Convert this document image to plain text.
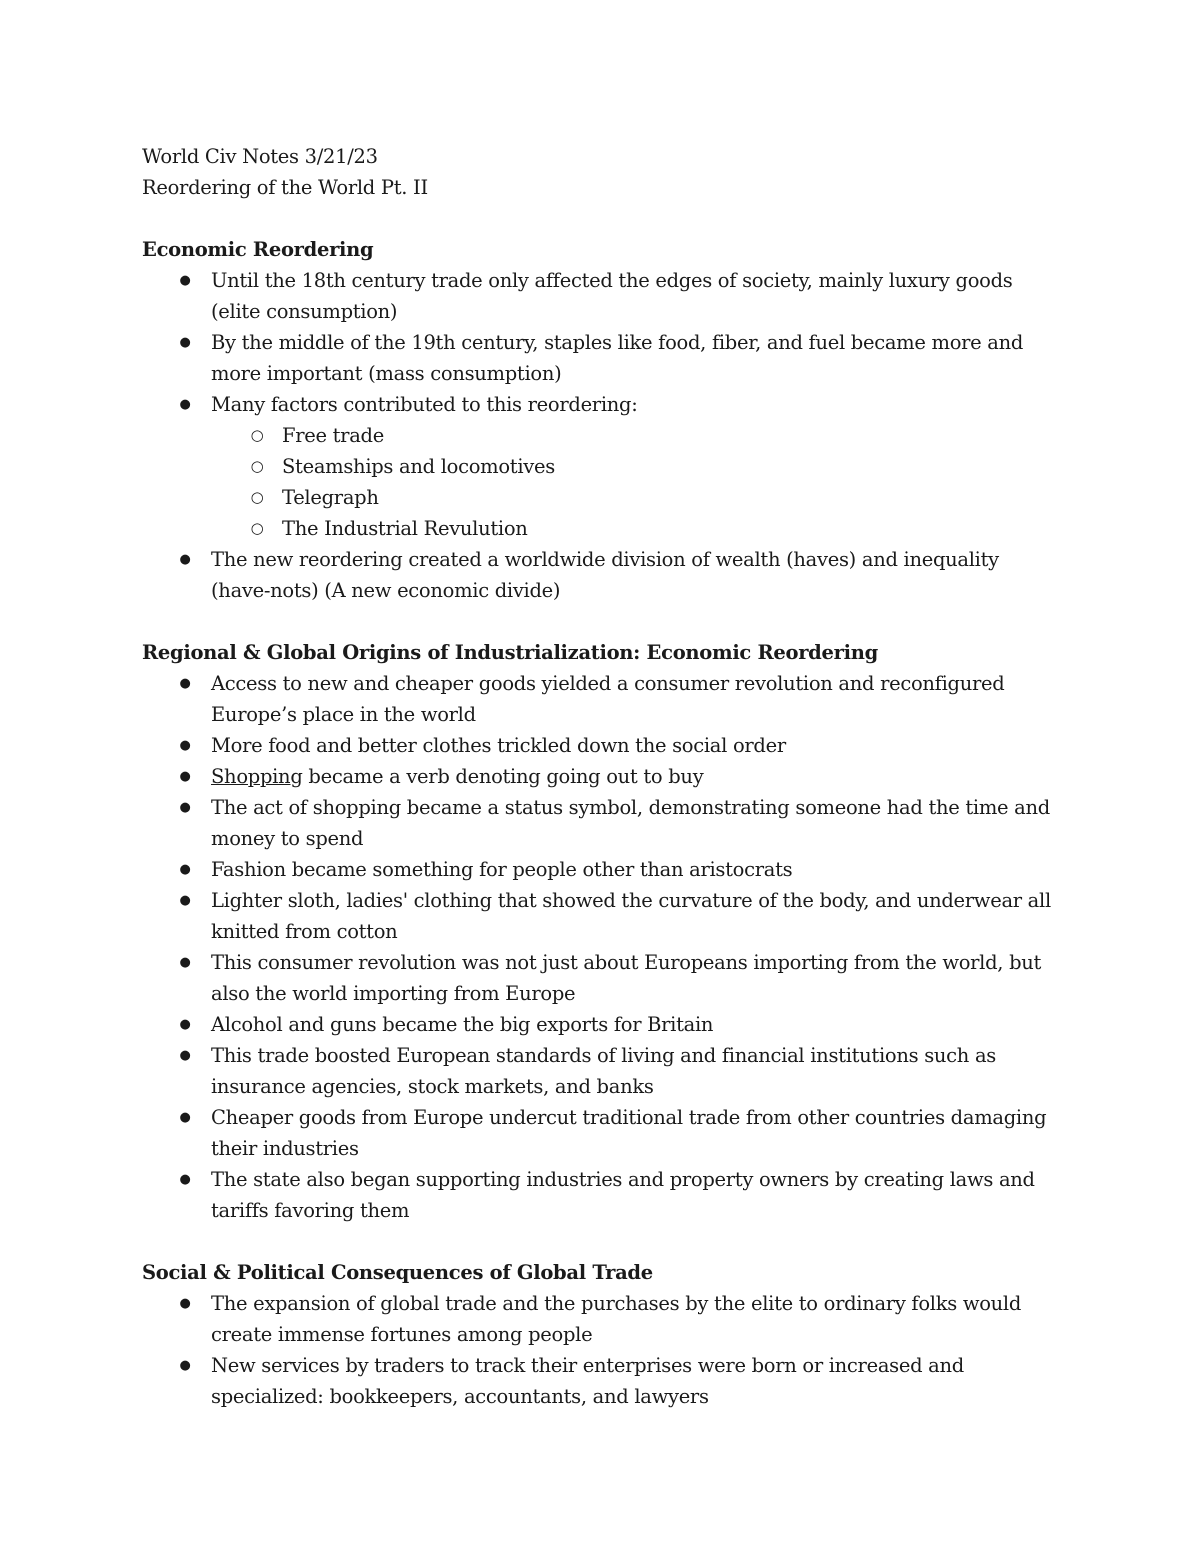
World Civ Notes 3/21/23

Reordering of the World Pt. II

Economic Reordering

● Until the 18th century trade only affected the edges of society, mainly luxury goods (elite consumption)
● By the middle of the 19th century, staples like food, fiber, and fuel became more and more important (mass consumption)
● Many factors contributed to this reordering:
○ Free trade
○ Steamships and locomotives
○ Telegraph
○ The Industrial Revulution
● The new reordering created a worldwide division of wealth (haves) and inequality (have-nots) (A new economic divide)

Regional & Global Origins of Industrialization: Economic Reordering

● Access to new and cheaper goods yielded a consumer revolution and reconfigured Europe’s place in the world
● More food and better clothes trickled down the social order
● Shopping became a verb denoting going out to buy
● The act of shopping became a status symbol, demonstrating someone had the time and money to spend
● Fashion became something for people other than aristocrats
● Lighter sloth, ladies' clothing that showed the curvature of the body, and underwear all knitted from cotton
● This consumer revolution was not just about Europeans importing from the world, but also the world importing from Europe
● Alcohol and guns became the big exports for Britain
● This trade boosted European standards of living and financial institutions such as insurance agencies, stock markets, and banks
● Cheaper goods from Europe undercut traditional trade from other countries damaging their industries
● The state also began supporting industries and property owners by creating laws and tariffs favoring them

Social & Political Consequences of Global Trade

● The expansion of global trade and the purchases by the elite to ordinary folks would create immense fortunes among people
● New services by traders to track their enterprises were born or increased and specialized: bookkeepers, accountants, and lawyers
